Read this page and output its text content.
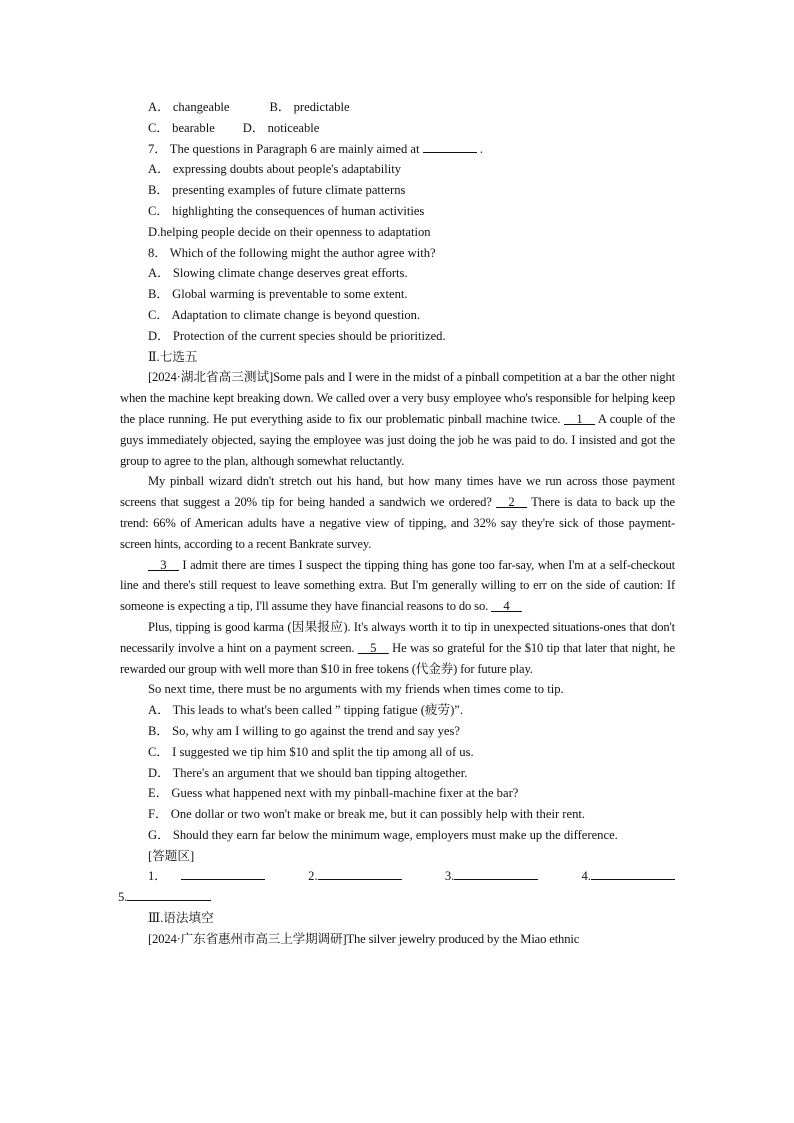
A． changeable	B． predictable
C． bearable D． noticeable
7． The questions in Paragraph 6 are mainly aimed at	.
A． expressing doubts about people's adaptability
B． presenting examples of future climate patterns
C． highlighting the consequences of human activities
D.helping people decide on their openness to adaptation
8． Which of the following might the author agree with?
A． Slowing climate change deserves great efforts.
B． Global warming is preventable to some extent.
C． Adaptation to climate change is beyond question.
D． Protection of the current species should be prioritized.
Ⅱ.七选五
[2024·湖北省高三测试]Some pals and I were in the midst of a pinball competition at a bar the other night when the machine kept breaking down. We called over a very busy employee who's responsible for helping keep the place running. He put everything aside to fix our problematic pinball machine twice. __1__ A couple of the guys immediately objected, saying the employee was just doing the job he was paid to do. I insisted and got the group to agree to the plan, although somewhat reluctantly.
My pinball wizard didn't stretch out his hand, but how many times have we run across those payment screens that suggest a 20% tip for being handed a sandwich we ordered? __2__ There is data to back up the trend: 66% of American adults have a negative view of tipping, and 32% say they're sick of those payment-screen hints, according to a recent Bankrate survey.
__3__ I admit there are times I suspect the tipping thing has gone too far-say, when I'm at a self-checkout line and there's still request to leave something extra. But I'm generally willing to err on the side of caution: If someone is expecting a tip, I'll assume they have financial reasons to do so. __4__
Plus, tipping is good karma (因果报应). It's always worth it to tip in unexpected situations-ones that don't necessarily involve a hint on a payment screen. __5__ He was so grateful for the $10 tip that later that night, he rewarded our group with well more than $10 in free tokens (代金券) for future play.
So next time, there must be no arguments with my friends when times come to tip.
A． This leads to what's been called ” tipping fatigue (疲劳)”.
B． So, why am I willing to go against the trend and say yes?
C． I suggested we tip him $10 and split the tip among all of us.
D． There's an argument that we should ban tipping altogether.
E． Guess what happened next with my pinball-machine fixer at the bar?
F． One dollar or two won't make or break me, but it can possibly help with their rent.
G． Should they earn far below the minimum wage, employers must make up the difference.
[答题区]
1．	2.	3.	4.
5.
Ⅲ.语法填空
[2024·广东省惠州市高三上学期调研]The silver jewelry produced by the Miao ethnic
